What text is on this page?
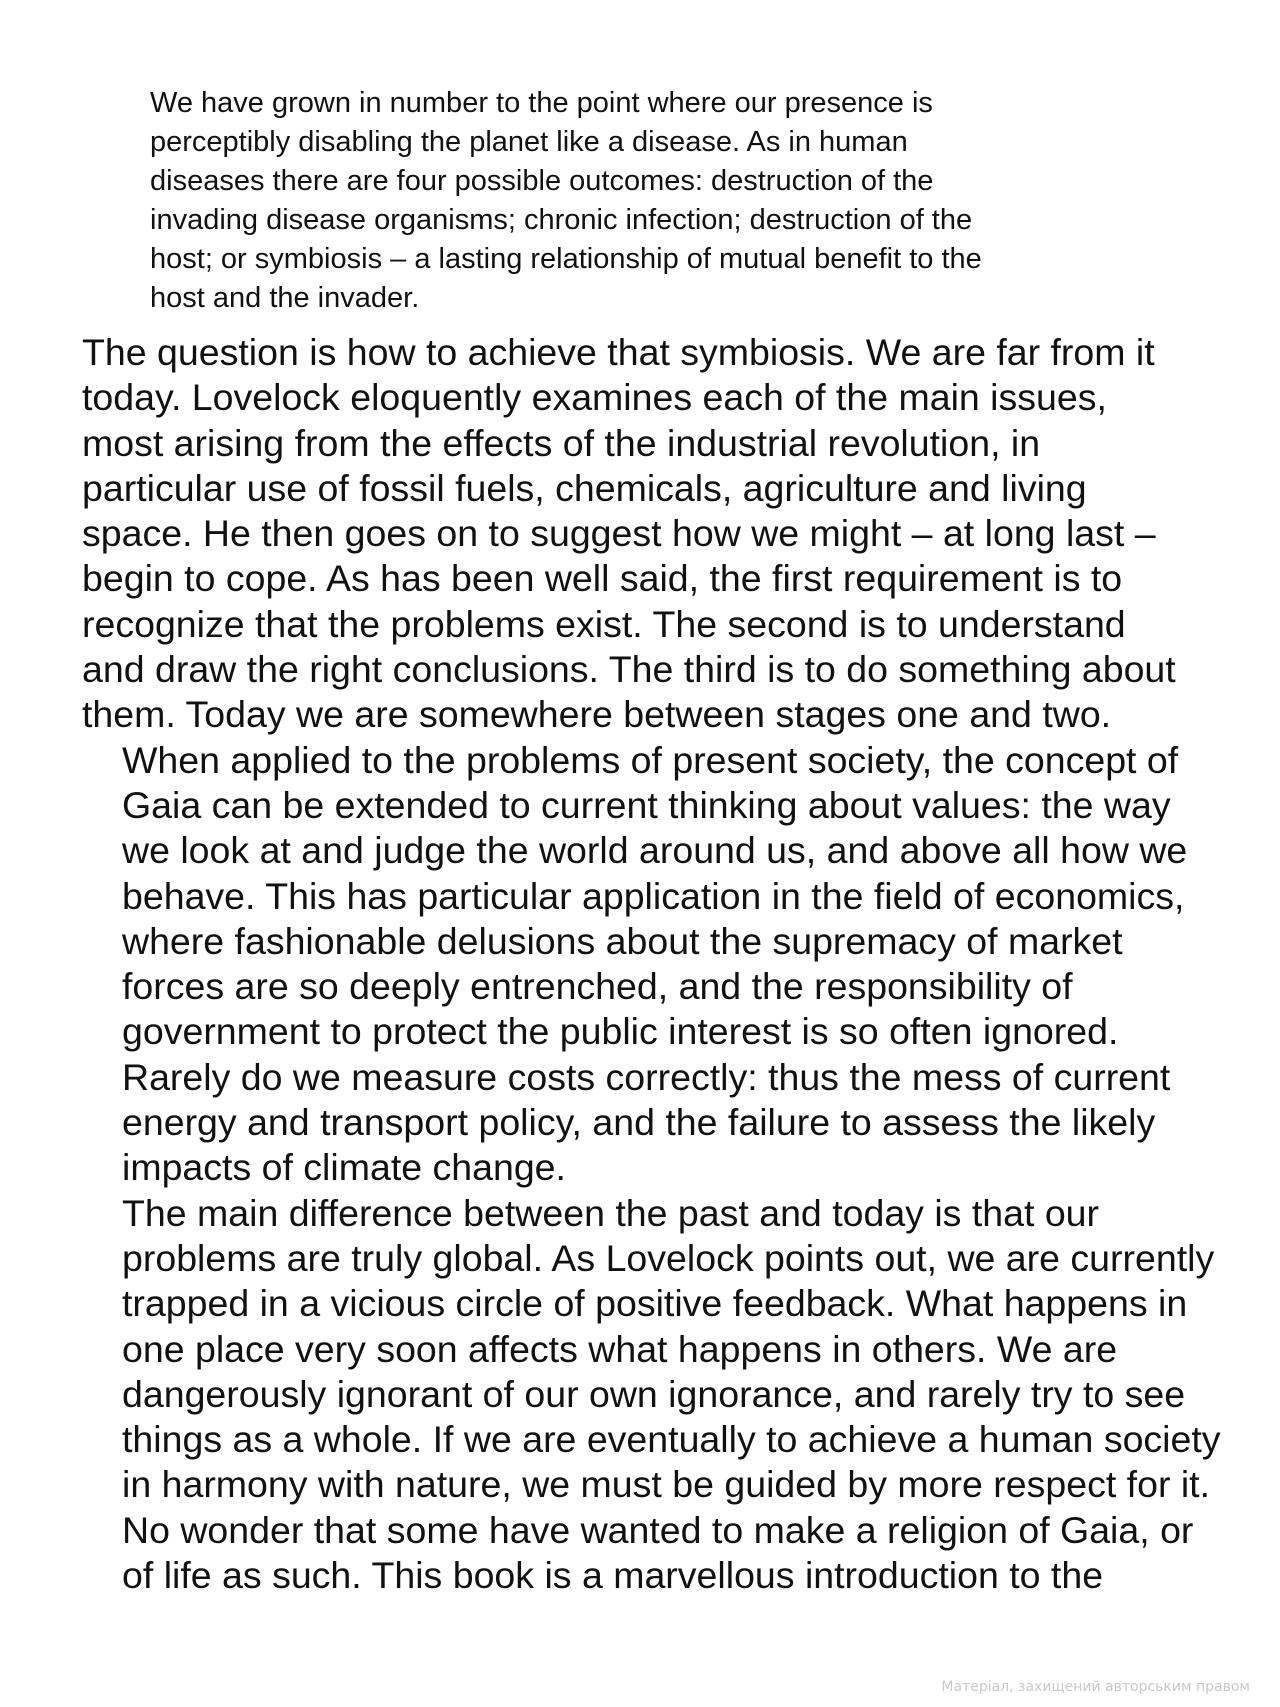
We have grown in number to the point where our presence is
perceptibly disabling the planet like a disease. As in human
diseases there are four possible outcomes: destruction of the
invading disease organisms; chronic infection; destruction of the
host; or symbiosis – a lasting relationship of mutual benefit to the
host and the invader.

The question is how to achieve that symbiosis. We are far from it
today. Lovelock eloquently examines each of the main issues,
most arising from the effects of the industrial revolution, in
particular use of fossil fuels, chemicals, agriculture and living
space. He then goes on to suggest how we might – at long last –
begin to cope. As has been well said, the first requirement is to
recognize that the problems exist. The second is to understand
and draw the right conclusions. The third is to do something about
them. Today we are somewhere between stages one and two.

When applied to the problems of present society, the concept of
Gaia can be extended to current thinking about values: the way
we look at and judge the world around us, and above all how we
behave. This has particular application in the field of economics,
where fashionable delusions about the supremacy of market
forces are so deeply entrenched, and the responsibility of
government to protect the public interest is so often ignored.
Rarely do we measure costs correctly: thus the mess of current
energy and transport policy, and the failure to assess the likely
impacts of climate change.

The main difference between the past and today is that our
problems are truly global. As Lovelock points out, we are currently
trapped in a vicious circle of positive feedback. What happens in
one place very soon affects what happens in others. We are
dangerously ignorant of our own ignorance, and rarely try to see
things as a whole. If we are eventually to achieve a human society
in harmony with nature, we must be guided by more respect for it.
No wonder that some have wanted to make a religion of Gaia, or
of life as such. This book is a marvellous introduction to the

Матеріал, захищений авторським правом
